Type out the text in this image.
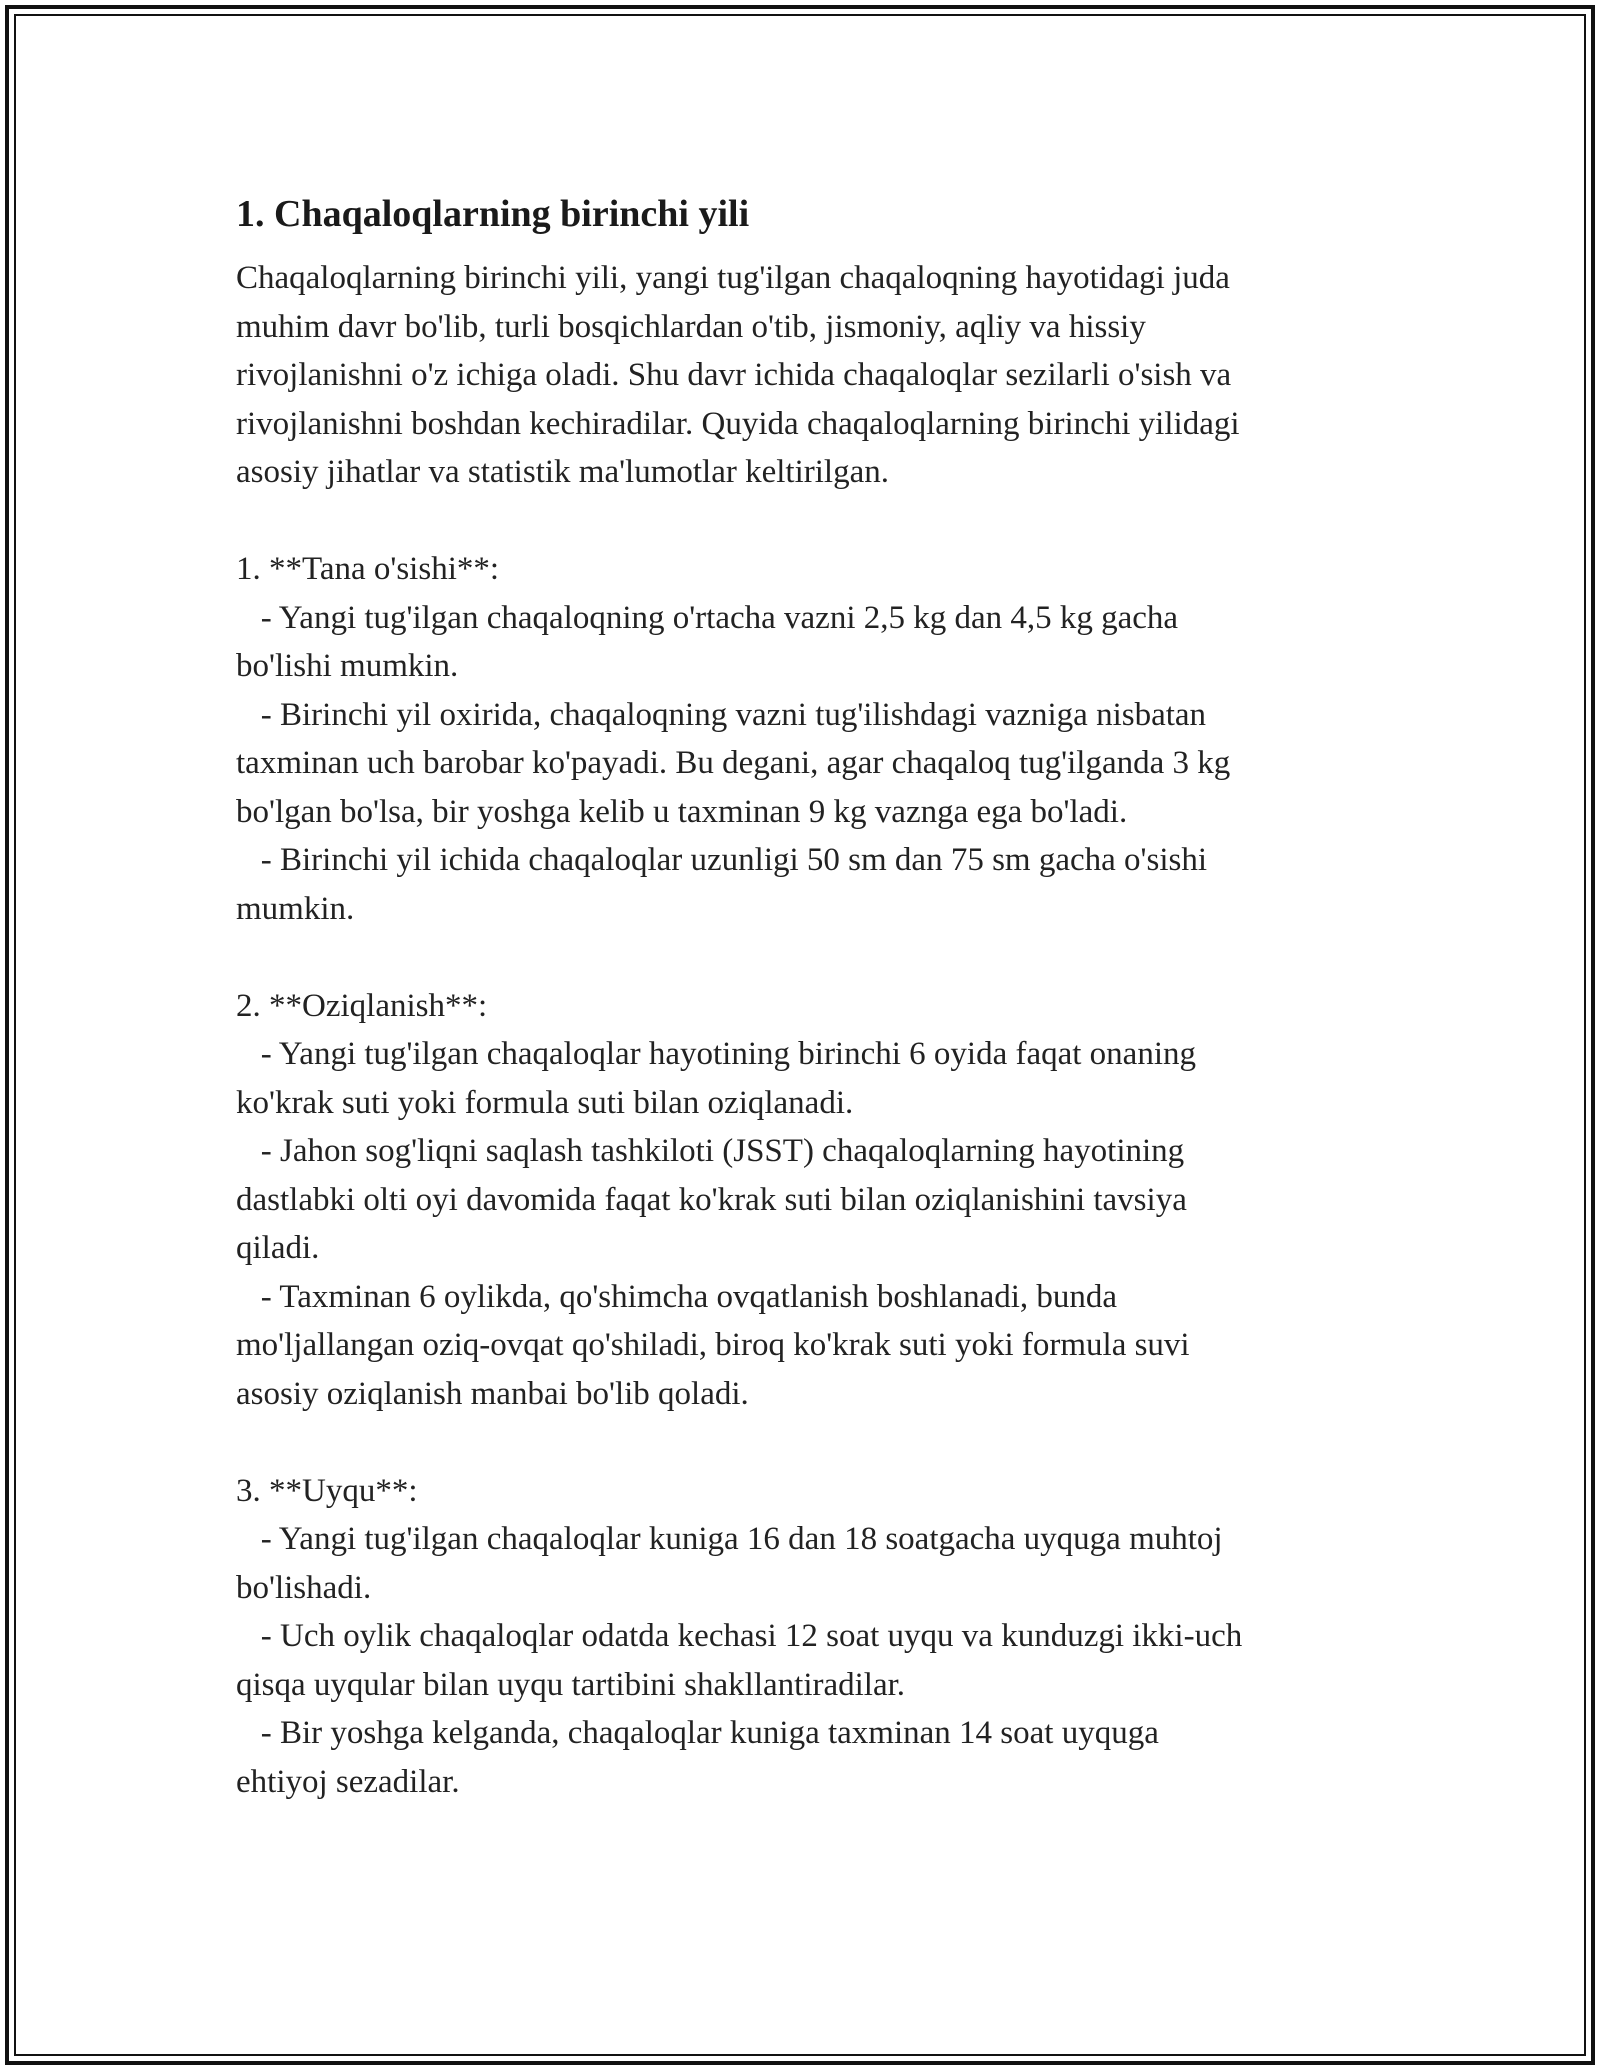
1. Chaqaloqlarning birinchi yili
Chaqaloqlarning birinchi yili, yangi tug'ilgan chaqaloqning hayotidagi juda
muhim davr bo'lib, turli bosqichlardan o'tib, jismoniy, aqliy va hissiy
rivojlanishni o'z ichiga oladi. Shu davr ichida chaqaloqlar sezilarli o'sish va
rivojlanishni boshdan kechiradilar. Quyida chaqaloqlarning birinchi yilidagi
asosiy jihatlar va statistik ma'lumotlar keltirilgan.

1. **Tana o'sishi**:
- Yangi tug'ilgan chaqaloqning o'rtacha vazni 2,5 kg dan 4,5 kg gacha
bo'lishi mumkin.
- Birinchi yil oxirida, chaqaloqning vazni tug'ilishdagi vazniga nisbatan
taxminan uch barobar ko'payadi. Bu degani, agar chaqaloq tug'ilganda 3 kg
bo'lgan bo'lsa, bir yoshga kelib u taxminan 9 kg vaznga ega bo'ladi.
- Birinchi yil ichida chaqaloqlar uzunligi 50 sm dan 75 sm gacha o'sishi
mumkin.

2. **Oziqlanish**:
- Yangi tug'ilgan chaqaloqlar hayotining birinchi 6 oyida faqat onaning
ko'krak suti yoki formula suti bilan oziqlanadi.
- Jahon sog'liqni saqlash tashkiloti (JSST) chaqaloqlarning hayotining
dastlabki olti oyi davomida faqat ko'krak suti bilan oziqlanishini tavsiya
qiladi.
- Taxminan 6 oylikda, qo'shimcha ovqatlanish boshlanadi, bunda
mo'ljallangan oziq-ovqat qo'shiladi, biroq ko'krak suti yoki formula suvi
asosiy oziqlanish manbai bo'lib qoladi.

3. **Uyqu**:
- Yangi tug'ilgan chaqaloqlar kuniga 16 dan 18 soatgacha uyquga muhtoj
bo'lishadi.
- Uch oylik chaqaloqlar odatda kechasi 12 soat uyqu va kunduzgi ikki-uch
qisqa uyqular bilan uyqu tartibini shakllantiradilar.
- Bir yoshga kelganda, chaqaloqlar kuniga taxminan 14 soat uyquga
ehtiyoj sezadilar.
